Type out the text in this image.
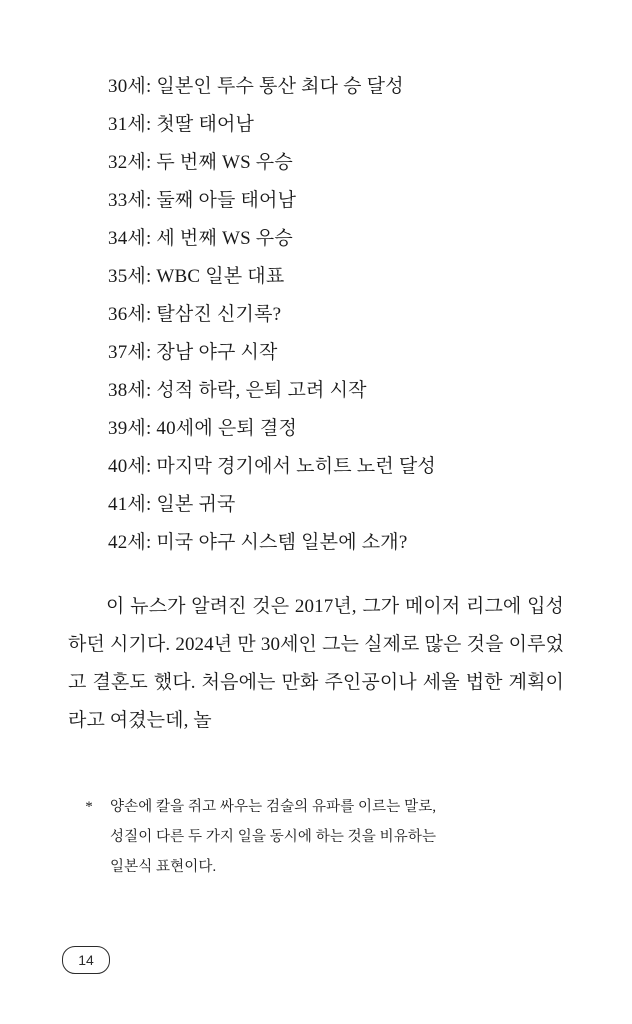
30세: 일본인 투수 통산 최다 승 달성
31세: 첫딸 태어남
32세: 두 번째 WS 우승
33세: 둘째 아들 태어남
34세: 세 번째 WS 우승
35세: WBC 일본 대표
36세: 탈삼진 신기록?
37세: 장남 야구 시작
38세: 성적 하락, 은퇴 고려 시작
39세: 40세에 은퇴 결정
40세: 마지막 경기에서 노히트 노런 달성
41세: 일본 귀국
42세: 미국 야구 시스템 일본에 소개?
이 뉴스가 알려진 것은 2017년, 그가 메이저 리그에 입성하던 시기다. 2024년 만 30세인 그는 실제로 많은 것을 이루었고 결혼도 했다. 처음에는 만화 주인공이나 세울 법한 계획이라고 여겼는데, 놀
*	양손에 칼을 쥐고 싸우는 검술의 유파를 이르는 말로,
성질이 다른 두 가지 일을 동시에 하는 것을 비유하는
일본식 표현이다.
14
